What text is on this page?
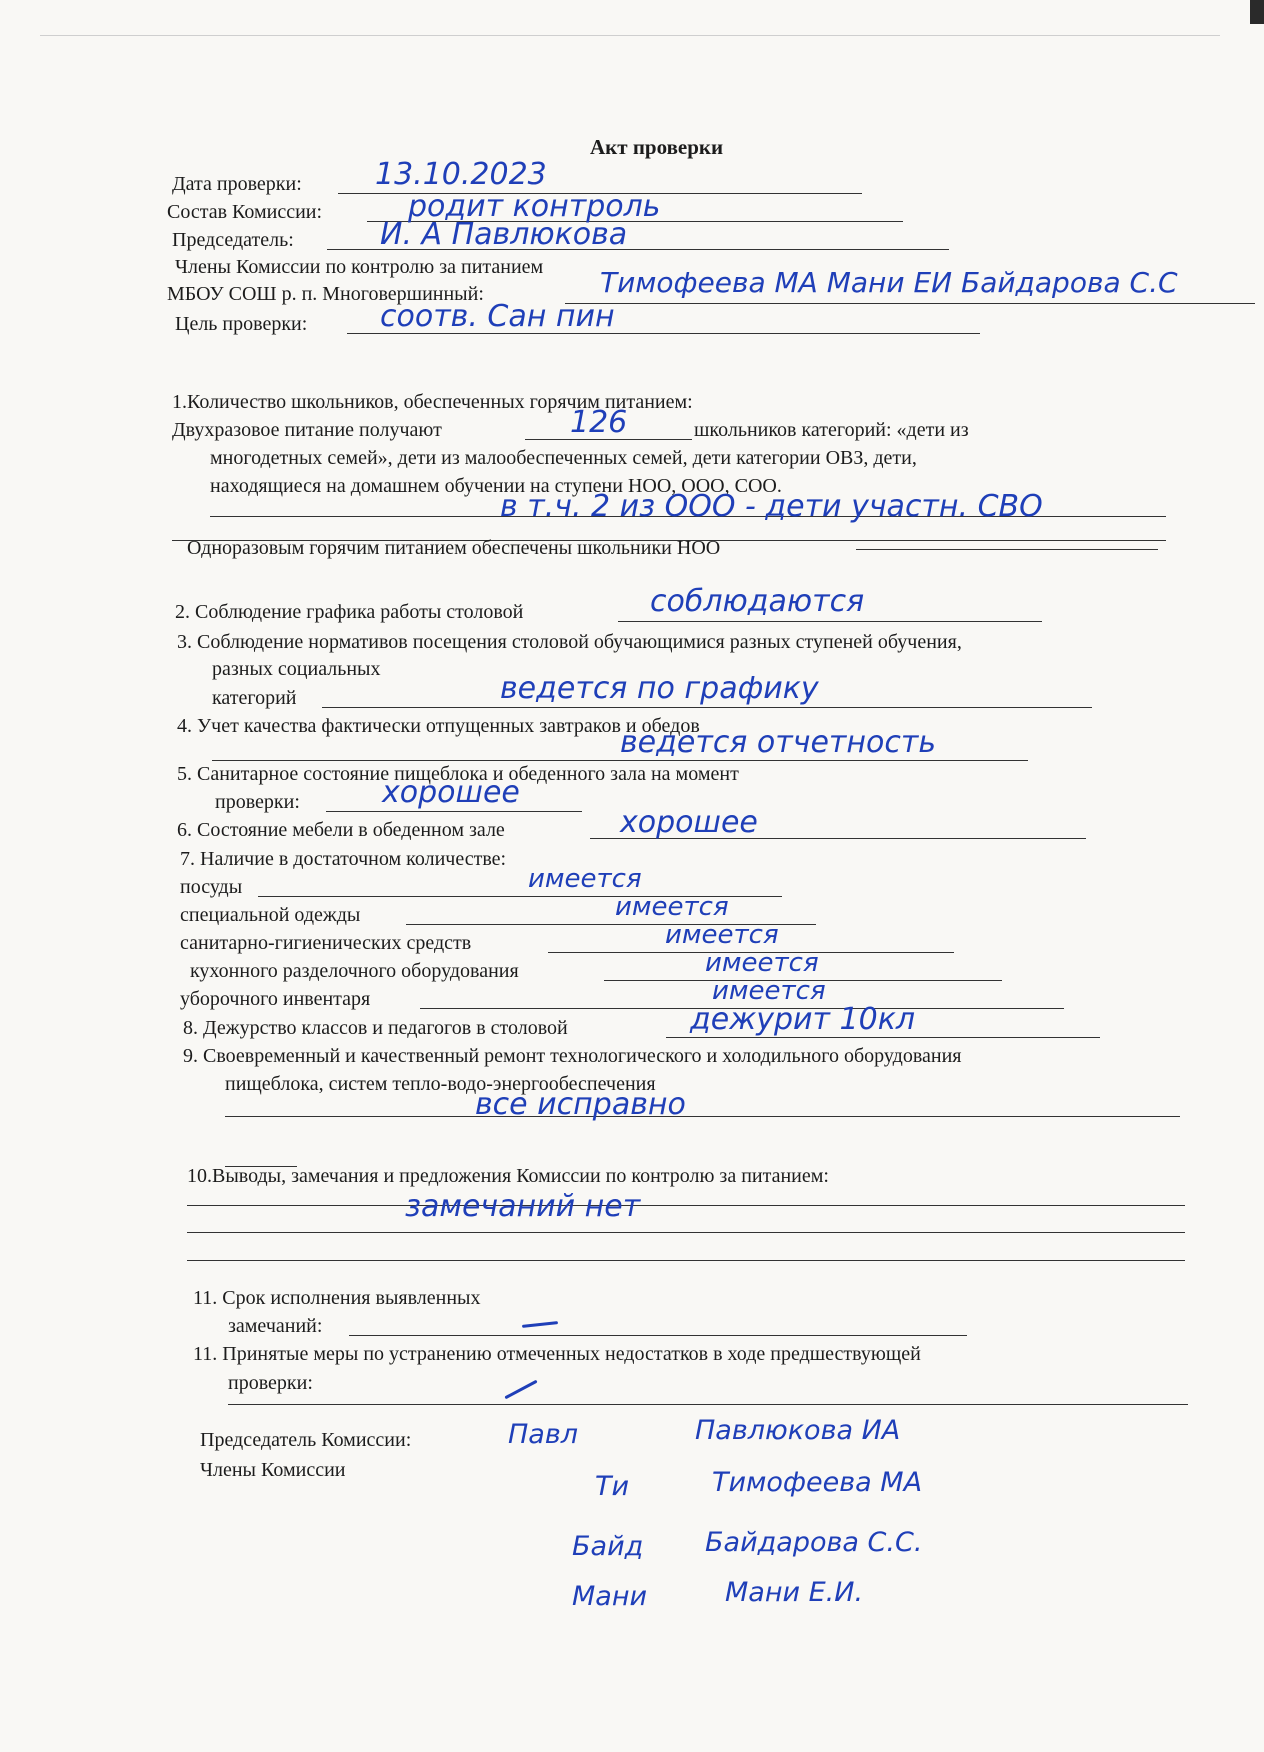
Акт проверки
Дата проверки: 13.10.2023
Состав Комиссии:	родит контроль
Председатель:	И. А Павлюкова
Члены Комиссии по контролю за питанием
МБОУ СОШ р. п. Многовершинный:	Тимофеева МА Мани ЕИ Байдарова С.С
Цель проверки: соотв. Сан пин
1.Количество школьников, обеспеченных горячим питанием:
Двухразовое питание получают	126	школьников категорий: «дети из
многодетных семей», дети из малообеспеченных семей, дети категории ОВЗ, дети,
находящиеся на домашнем обучении на ступени НОО, ООО, СОО.
в т.ч. 2 из ООО - дети участн. СВО
Одноразовым горячим питанием обеспечены школьники НОО
2. Соблюдение графика работы столовой	соблюдаются
3. Соблюдение нормативов посещения столовой обучающимися разных ступеней обучения,
разных социальных
категорий	ведется по графику
4. Учет качества фактически отпущенных завтраков и обедов
ведется отчетность
5. Санитарное состояние пищеблока и обеденного зала на момент
проверки:	хорошее
6. Состояние мебели в обеденном зале	хорошее
7. Наличие в достаточном количестве:
посуды	имеется
специальной одежды	имеется
санитарно-гигиенических средств	имеется
кухонного разделочного оборудования	имеется
уборочного инвентаря	имеется
8. Дежурство классов и педагогов в столовой	дежурит 10кл
9. Своевременный и качественный ремонт технологического и холодильного оборудования
пищеблока, систем тепло-водо-энергообеспечения
все исправно
10.Выводы, замечания и предложения Комиссии по контролю за питанием:
замечаний нет
11. Срок исполнения выявленных
замечаний:
11. Принятые меры по устранению отмеченных недостатков в ходе предшествующей
проверки:
Председатель Комиссии:
Члены Комиссии
Павл	Павлюкова ИА
Ти	Тимофеева МА
Байд Байдарова С.С.
Мани	Мани Е.И.
